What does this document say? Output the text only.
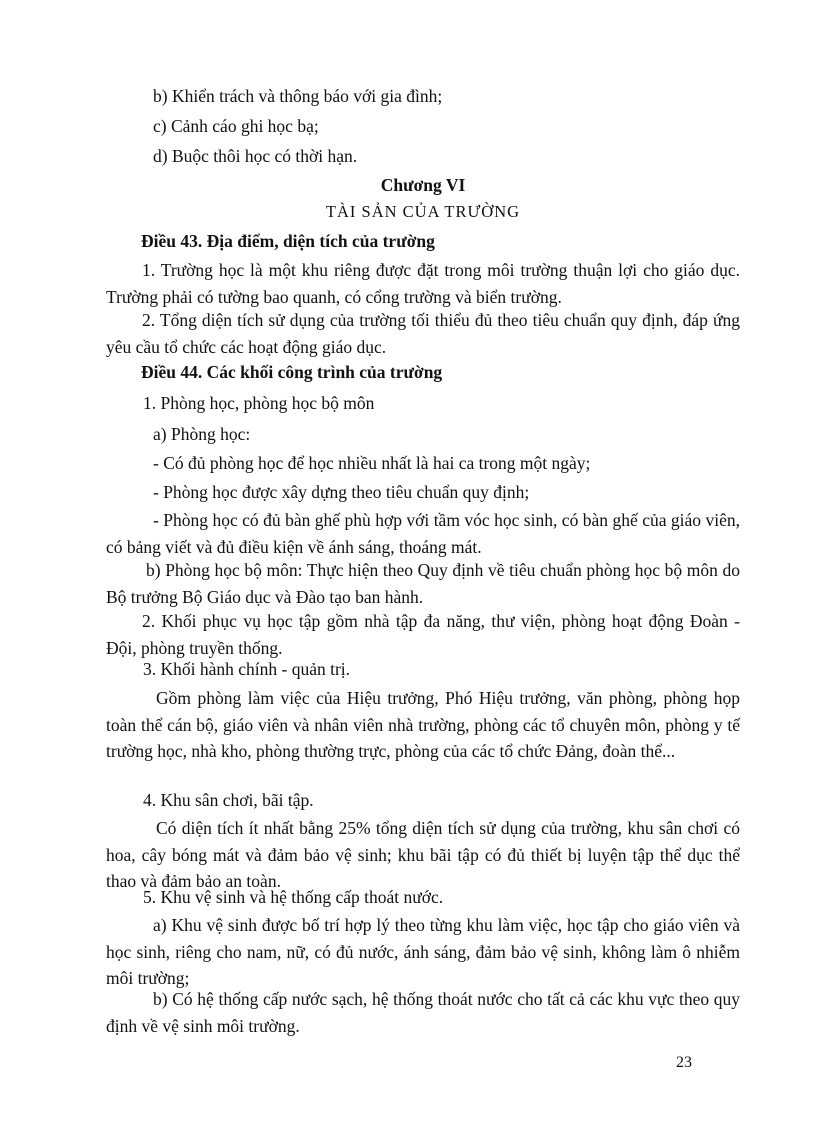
b) Khiển trách và thông báo với gia đình;
c) Cảnh cáo ghi học bạ;
d) Buộc thôi học có thời hạn.
Chương VI
TÀI SẢN CỦA TRƯỜNG
Điều 43. Địa điểm, diện tích của trường
1. Trường học là một khu riêng được đặt trong môi trường thuận lợi cho giáo dục. Trường phải có tường bao quanh, có cổng trường và biển trường.
2. Tổng diện tích sử dụng của trường tối thiểu đủ theo tiêu chuẩn quy định, đáp ứng yêu cầu tổ chức các hoạt động giáo dục.
Điều 44. Các khối công trình của trường
1. Phòng học, phòng học bộ môn
a) Phòng học:
- Có đủ phòng học để học nhiều nhất là hai ca trong một ngày;
- Phòng học được xây dựng theo tiêu chuẩn quy định;
- Phòng học có đủ bàn ghế phù hợp với tầm vóc học sinh, có bàn ghế của giáo viên, có bảng viết và đủ điều kiện về ánh sáng, thoáng mát.
b) Phòng học bộ môn: Thực hiện theo Quy định về tiêu chuẩn phòng học bộ môn do Bộ trưởng Bộ Giáo dục và Đào tạo ban hành.
2. Khối phục vụ học tập gồm nhà tập đa năng, thư viện, phòng hoạt động Đoàn - Đội, phòng truyền thống.
3. Khối hành chính - quản trị.
Gồm phòng làm việc của Hiệu trưởng, Phó Hiệu trưởng, văn phòng, phòng họp toàn thể cán bộ, giáo viên và nhân viên nhà trường, phòng các tổ chuyên môn, phòng y tế trường học, nhà kho, phòng thường trực, phòng của các tổ chức Đảng, đoàn thể...
4. Khu sân chơi, bãi tập.
Có diện tích ít nhất bằng 25% tổng diện tích sử dụng của trường, khu sân chơi có hoa, cây bóng mát và đảm bảo vệ sinh; khu bãi tập có đủ thiết bị luyện tập thể dục thể thao và đảm bảo an toàn.
5. Khu vệ sinh và hệ thống cấp thoát nước.
a) Khu vệ sinh được bố trí hợp lý theo từng khu làm việc, học tập cho giáo viên và học sinh, riêng cho nam, nữ, có đủ nước, ánh sáng, đảm bảo vệ sinh, không làm ô nhiễm môi trường;
b) Có hệ thống cấp nước sạch, hệ thống thoát nước cho tất cả các khu vực theo quy định về vệ sinh môi trường.
23
